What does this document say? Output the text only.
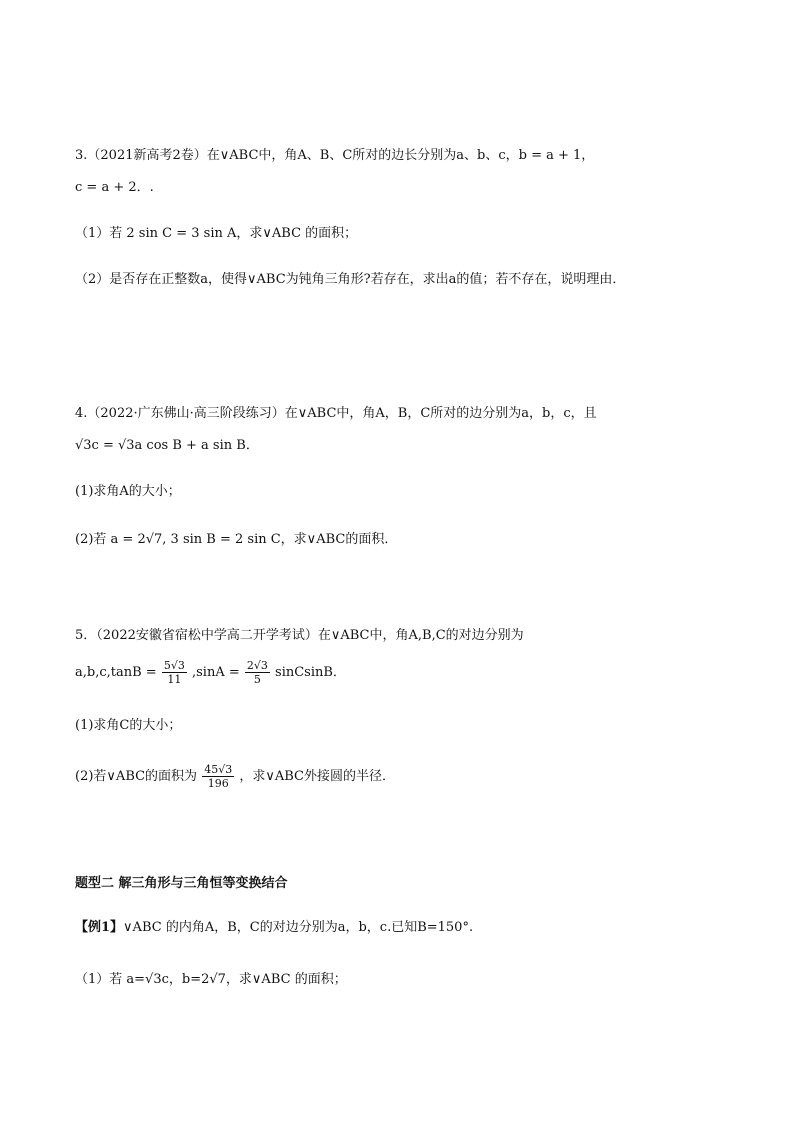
3.（2021新高考2卷）在∨ABC中，角A、B、C所对的边长分别为a、b、c，b = a + 1，
c = a + 2．.
（1）若 2 sin C = 3 sin A，求∨ABC 的面积；
（2）是否存在正整数a，使得∨ABC为钝角三角形?若存在，求出a的值；若不存在，说明理由．
4.（2022·广东佛山·高三阶段练习）在∨ABC中，角A，B，C所对的边分别为a，b，c，且
√3c = √3a cos B + a sin B．
(1)求角A的大小；
(2)若 a = 2√7, 3 sin B = 2 sin C，求∨ABC的面积．
5．（2022安徽省宿松中学高二开学考试）在∨ABC中，角A,B,C的对边分别为
$a,b,c,\tan B = \frac{5√3}{11} ,\sin A = \frac{2√3}{5}$ sinCsinB．
(1)求角C的大小；
(2)若∨ABC的面积为 $\frac{45√3}{196}$ ，求∨ABC外接圆的半径．
题型二 解三角形与三角恒等变换结合
【例1】∨ABC 的内角A，B，C的对边分别为a，b，c.已知B=150°.
（1）若 a=√3c，b=2√7，求∨ABC 的面积；
